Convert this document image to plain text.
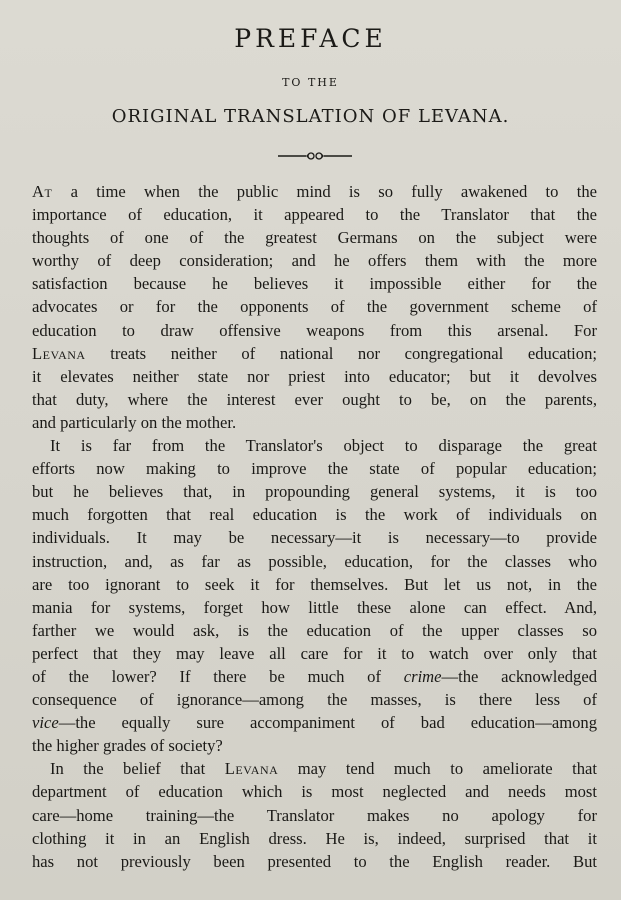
PREFACE
TO THE
ORIGINAL TRANSLATION OF LEVANA.
At a time when the public mind is so fully awakened to the
importance of education, it appeared to the Translator that the
thoughts of one of the greatest Germans on the subject were
worthy of deep consideration; and he offers them with the more
satisfaction because he believes it impossible either for the
advocates or for the opponents of the government scheme of
education to draw offensive weapons from this arsenal. For
Levana treats neither of national nor congregational education;
it elevates neither state nor priest into educator; but it devolves
that duty, where the interest ever ought to be, on the parents,
and particularly on the mother.
It is far from the Translator's object to disparage the great
efforts now making to improve the state of popular education;
but he believes that, in propounding general systems, it is too
much forgotten that real education is the work of individuals on
individuals. It may be necessary—it is necessary—to provide
instruction, and, as far as possible, education, for the classes who
are too ignorant to seek it for themselves. But let us not, in the
mania for systems, forget how little these alone can effect. And,
farther we would ask, is the education of the upper classes so
perfect that they may leave all care for it to watch over only that
of the lower? If there be much of crime—the acknowledged
consequence of ignorance—among the masses, is there less of
vice—the equally sure accompaniment of bad education—among
the higher grades of society?
In the belief that Levana may tend much to ameliorate that
department of education which is most neglected and needs most
care—home training—the Translator makes no apology for
clothing it in an English dress. He is, indeed, surprised that it
has not previously been presented to the English reader. But
